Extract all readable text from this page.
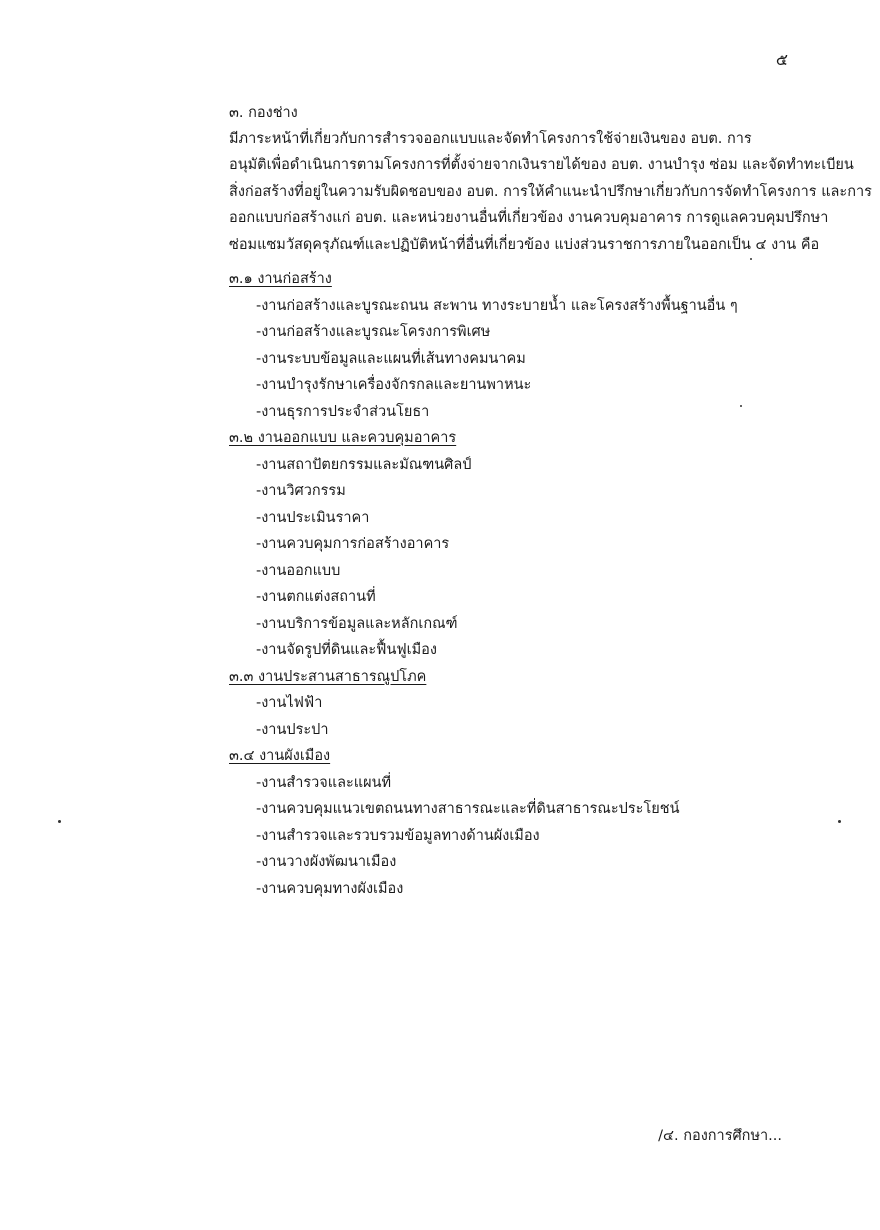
๕

๓. กองช่าง

มีภาระหน้าที่เกี่ยวกับการสำรวจออกแบบและจัดทำโครงการใช้จ่ายเงินของ อบต. การ
อนุมัติเพื่อดำเนินการตามโครงการที่ตั้งจ่ายจากเงินรายได้ของ อบต. งานบำรุง ซ่อม และจัดทำทะเบียน
สิ่งก่อสร้างที่อยู่ในความรับผิดชอบของ อบต. การให้คำแนะนำปรึกษาเกี่ยวกับการจัดทำโครงการ และการ
ออกแบบก่อสร้างแก่ อบต. และหน่วยงานอื่นที่เกี่ยวข้อง งานควบคุมอาคาร การดูแลควบคุมปรึกษา
ซ่อมแซมวัสดุครุภัณฑ์และปฏิบัติหน้าที่อื่นที่เกี่ยวข้อง แบ่งส่วนราชการภายในออกเป็น ๔ งาน คือ

๓.๑ งานก่อสร้าง

-งานก่อสร้างและบูรณะถนน สะพาน ทางระบายน้ำ และโครงสร้างพื้นฐานอื่น ๆ
-งานก่อสร้างและบูรณะโครงการพิเศษ
-งานระบบข้อมูลและแผนที่เส้นทางคมนาคม
-งานบำรุงรักษาเครื่องจักรกลและยานพาหนะ
-งานธุรการประจำส่วนโยธา

๓.๒ งานออกแบบ และควบคุมอาคาร

-งานสถาปัตยกรรมและมัณฑนศิลป์
-งานวิศวกรรม
-งานประเมินราคา
-งานควบคุมการก่อสร้างอาคาร
-งานออกแบบ
-งานตกแต่งสถานที่
-งานบริการข้อมูลและหลักเกณฑ์
-งานจัดรูปที่ดินและฟื้นฟูเมือง

๓.๓ งานประสานสาธารณูปโภค

-งานไฟฟ้า
-งานประปา

๓.๔ งานผังเมือง

-งานสำรวจและแผนที่
-งานควบคุมแนวเขตถนนทางสาธารณะและที่ดินสาธารณะประโยชน์
-งานสำรวจและรวบรวมข้อมูลทางด้านผังเมือง
-งานวางผังพัฒนาเมือง
-งานควบคุมทางผังเมือง
/๔. กองการศึกษา...
